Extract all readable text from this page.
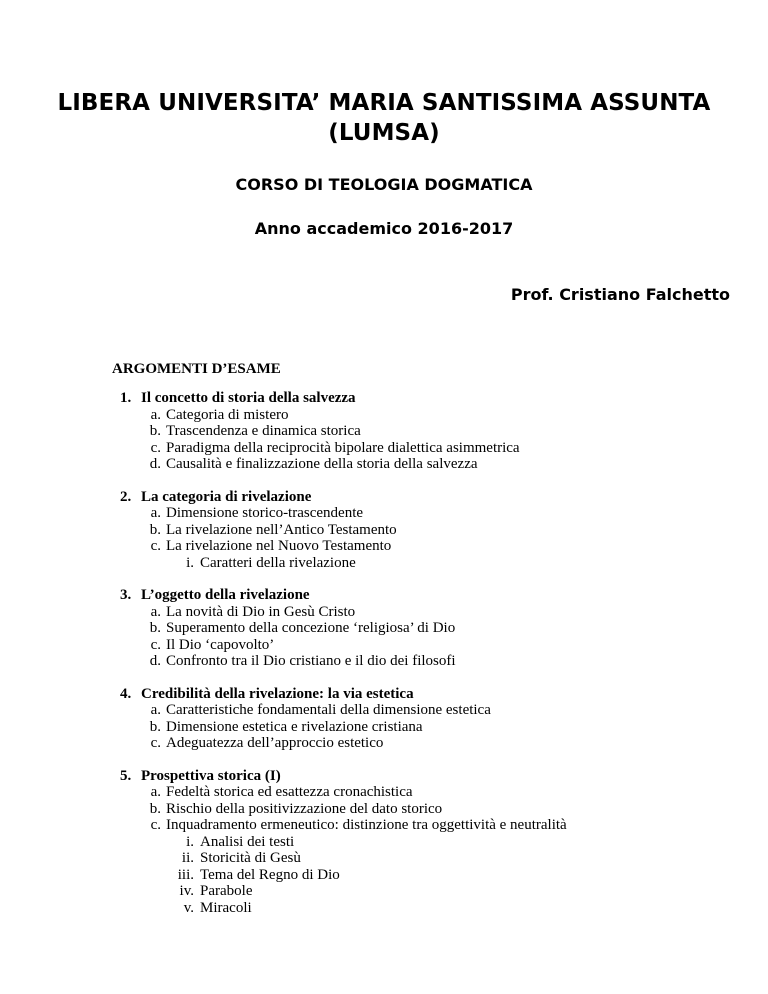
LIBERA UNIVERSITA’ MARIA SANTISSIMA ASSUNTA
(LUMSA)
CORSO DI TEOLOGIA DOGMATICA
Anno accademico 2016-2017
Prof. Cristiano Falchetto
ARGOMENTI D’ESAME
1. Il concetto di storia della salvezza
a. Categoria di mistero
b. Trascendenza e dinamica storica
c. Paradigma della reciprocità bipolare dialettica asimmetrica
d. Causalità e finalizzazione della storia della salvezza
2. La categoria di rivelazione
a. Dimensione storico-trascendente
b. La rivelazione nell’Antico Testamento
c. La rivelazione nel Nuovo Testamento
i. Caratteri della rivelazione
3. L’oggetto della rivelazione
a. La novità di Dio in Gesù Cristo
b. Superamento della concezione ‘religiosa’ di Dio
c. Il Dio ‘capovolto’
d. Confronto tra il Dio cristiano e il dio dei filosofi
4. Credibilità della rivelazione: la via estetica
a. Caratteristiche fondamentali della dimensione estetica
b. Dimensione estetica e rivelazione cristiana
c. Adeguatezza dell’approccio estetico
5. Prospettiva storica (I)
a. Fedeltà storica ed esattezza cronachistica
b. Rischio della positivizzazione del dato storico
c. Inquadramento ermeneutico: distinzione tra oggettività e neutralità
i. Analisi dei testi
ii. Storicità di Gesù
iii. Tema del Regno di Dio
iv. Parabole
v. Miracoli
